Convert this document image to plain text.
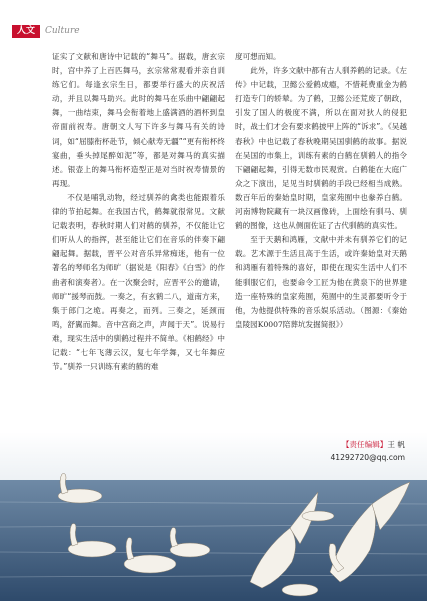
人文	Culture

证实了文献和唐诗中记载的“舞马”。据载，唐玄宗时，宫中养了上百匹舞马，玄宗常常观看并亲自训练它们。每逢玄宗生日，都要举行盛大的庆祝活动，并且以舞马助兴。此时的舞马在乐曲中翩翩起舞，一曲结束，舞马会衔着地上盛满酒的酒杯到皇帝面前祝寿。唐朝文人写下许多与舞马有关的诗词，如“屈膝衔杯赴节，倾心献寿无疆”“更有衔杯终宴曲，垂头掉尾醉如泥”等，都是对舞马的真实描述。银壶上的舞马衔杯造型正是对当时祝寿情景的再现。

不仅是哺乳动物，经过驯养的禽类也能跟着乐律的节拍起舞。在我国古代，鹤舞就很常见。文献记载表明，春秋时期人们对鹤的驯养，不仅能让它们听从人的指挥，甚至能让它们在音乐的伴奏下翩翩起舞。据载，晋平公对音乐异常痴迷，他有一位著名的琴师名为师旷（据说是《阳春》《白雪》的作曲者和演奏者）。在一次聚会时，应晋平公的邀请，师旷“援琴而鼓。一奏之，有玄鹤二八，道南方来，集于郎门之垝。再奏之，而列。三奏之，延颈而鸣，舒翼而舞。音中宫商之声，声闻于天”。说易行难，现实生活中的驯鹤过程并不简单。《相鹤经》中记载：“七年飞薄云汉，复七年学舞，又七年舞应节。”驯养一只训练有素的鹤的难

度可想而知。

此外，许多文献中都有古人驯养鹤的记录。《左传》中记载，卫懿公爱鹤成瘾，不惜耗费重金为鹤打造专门的轿辇。为了鹤，卫懿公还荒废了朝政，引发了国人的极度不满，所以在面对狄人的侵犯时，战士们才会有要求鹤披甲上阵的“诉求”。《吴越春秋》中也记载了春秋晚期吴国驯鹤的故事。据说在吴国的市集上，训练有素的白鹤在驯鹤人的指令下翩翩起舞，引得无数市民观赏。白鹤能在大庭广众之下演出，足见当时驯鹤的手段已经相当成熟。数百年后的秦始皇时期，皇家苑囿中也豢养白鹤。河南博物院藏有一块汉画像砖，上面绘有驯马、驯鹤的图像，这也从侧面佐证了古代驯鹤的真实性。

至于天鹅和鸿雁，文献中并未有驯养它们的记载。艺术源于生活且高于生活，或许秦始皇对天鹅和鸿雁有着特殊的喜好，即使在现实生活中人们不能驯服它们，也要命令工匠为他在黄泉下的世界建造一座特殊的皇家苑囿，苑囿中的生灵都要听令于他，为他提供特殊的音乐娱乐活动。（图源：《秦始皇陵园K0007陪葬坑发掘简报》）

【责任编辑】王 帆
41292720@qq.com
